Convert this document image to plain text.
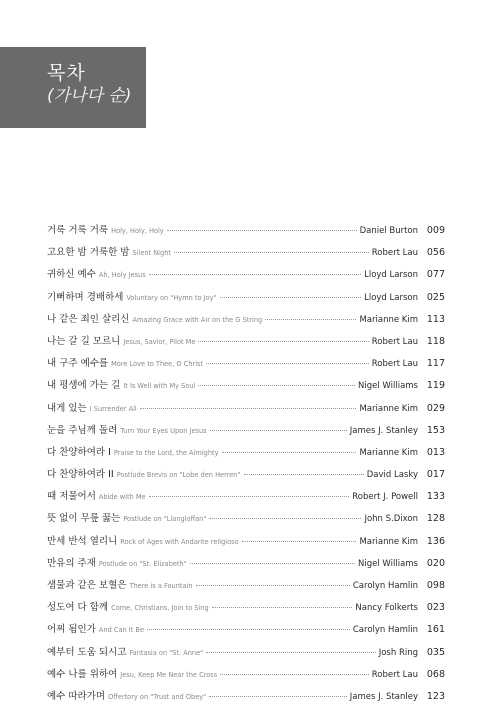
목차
(가나다 순)
거룩 거룩 거룩 Holy, Holy, Holy	Daniel Burton 009
고요한 밤 거룩한 밤 Silent Night	Robert Lau 056
귀하신 예수 Ah, Holy Jesus	Lloyd Larson 077
기뻐하며 경배하세 Voluntary on "Hymn to Joy"	Lloyd Larson 025
나 같은 죄인 살리신 Amazing Grace with Air on the G String	Marianne Kim 113
나는 갈 길 모르니 Jesus, Savior, Pilot Me	Robert Lau 118
내 구주 예수를 More Love to Thee, O Christ	Robert Lau 117
내 평생에 가는 길 It Is Well with My Soul	Nigel Williams 119
내게 있는 I Surrender All	Marianne Kim 029
눈을 주님께 돌려 Turn Your Eyes Upon Jesus	James J. Stanley 153
다 찬양하여라 I Praise to the Lord, the Almighty	Marianne Kim 013
다 찬양하여라 II Postlude Brevis on "Lobe den Herren"	David Lasky 017
때 저물어서 Abide with Me	Robert J. Powell 133
뜻 없이 무릎 꿇는 Postlude on "Llangloffan"	John S.Dixon 128
만세 반석 열리니 Rock of Ages with Andante religioso	Marianne Kim 136
만유의 주재 Postlude on "St. Elizabeth"	Nigel Williams 020
샘물과 같은 보혈은 There is a Fountain	Carolyn Hamlin 098
성도여 다 함께 Come, Christians, Join to Sing	Nancy Folkerts 023
어찌 됨인가 And Can It Be	Carolyn Hamlin 161
예부터 도움 되시고 Fantasia on "St. Anne"	Josh Ring 035
예수 나를 위하여 Jesu, Keep Me Near the Cross	Robert Lau 068
예수 따라가며 Offertory on "Trust and Obey"	James J. Stanley 123
